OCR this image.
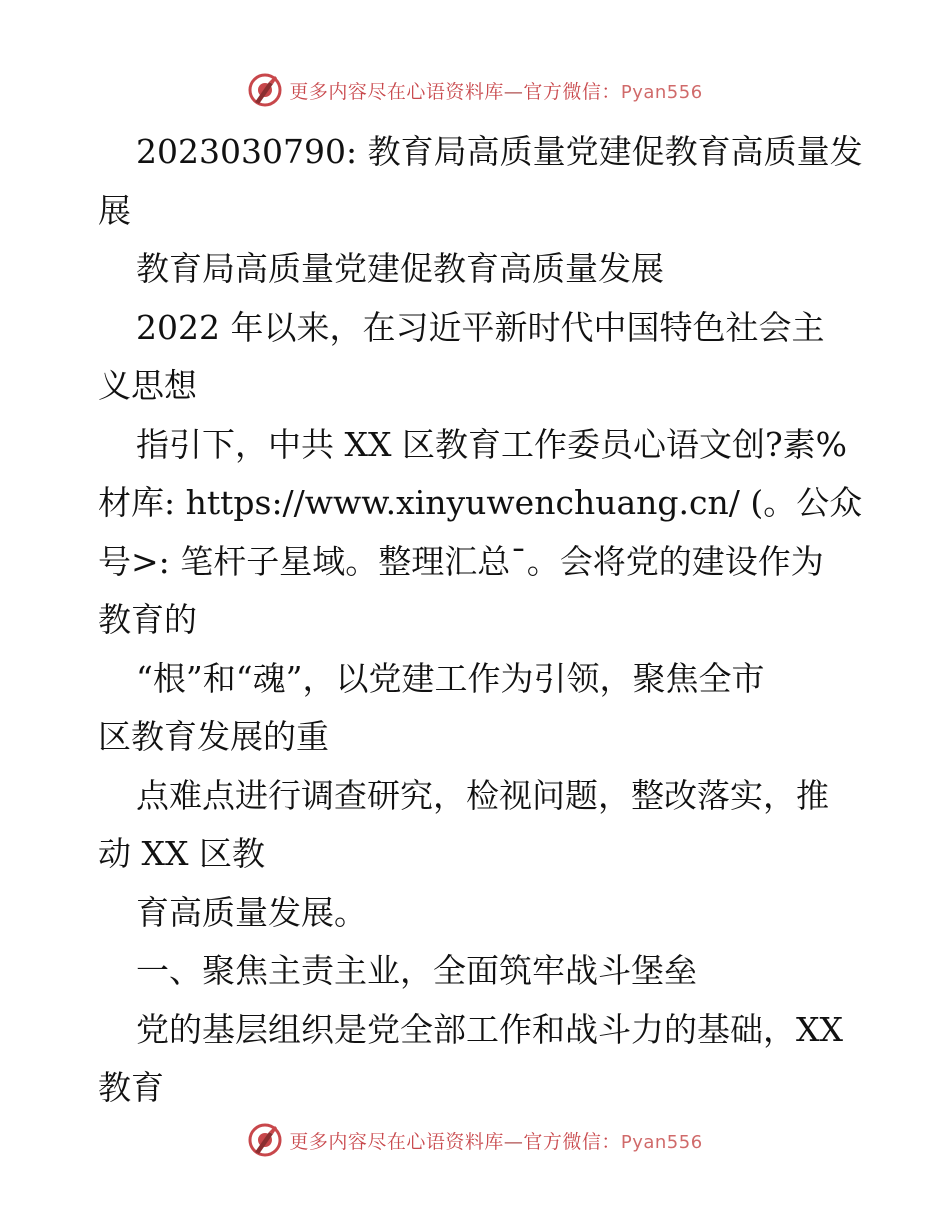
更多内容尽在心语资料库—官方微信：Pyan556
2023030790: 教育局高质量党建促教育高质量发
展
教育局高质量党建促教育高质量发展
2022 年以来，在习近平新时代中国特色社会主
义思想
指引下，中共 XX 区教育工作委员心语文创?素%
材库: https://www.xinyuwenchuang.cn/ (。公众
号>: 笔杆子星域。整理汇总¯。会将党的建设作为
教育的
“根”和“魂”，以党建工作为引领，聚焦全市
区教育发展的重
点难点进行调查研究，检视问题，整改落实，推
动 XX 区教
育高质量发展。
一、聚焦主责主业，全面筑牢战斗堡垒
党的基层组织是党全部工作和战斗力的基础，XX
教育
更多内容尽在心语资料库—官方微信：Pyan556
